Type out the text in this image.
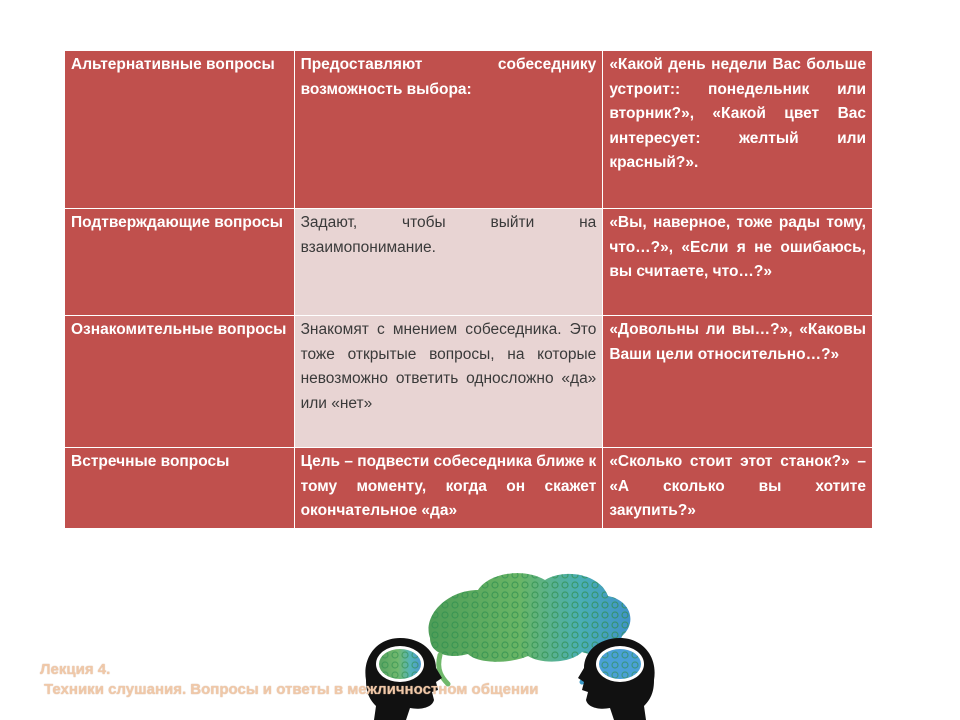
Альтернативные вопросы	Предоставляют собеседнику возможность выбора:	«Какой день недели Вас больше устроит:: понедельник или вторник?», «Какой цвет Вас интересует: желтый или красный?».
Подтверждающие вопросы	Задают, чтобы выйти на взаимопонимание.	«Вы, наверное, тоже рады тому, что…?», «Если я не ошибаюсь, вы считаете, что…?»
Ознакомительные вопросы	Знакомят с мнением собеседника. Это тоже открытые вопросы, на которые невозможно ответить односложно «да» или «нет»	«Довольны ли вы…?», «Каковы Ваши цели относительно…?»
Встречные вопросы	Цель – подвести собеседника ближе к тому моменту, когда он скажет окончательное «да»	«Сколько стоит этот станок?» – «А сколько вы хотите закупить?»
Лекция 4.
Техники слушания. Вопросы и ответы в межличностном общении
